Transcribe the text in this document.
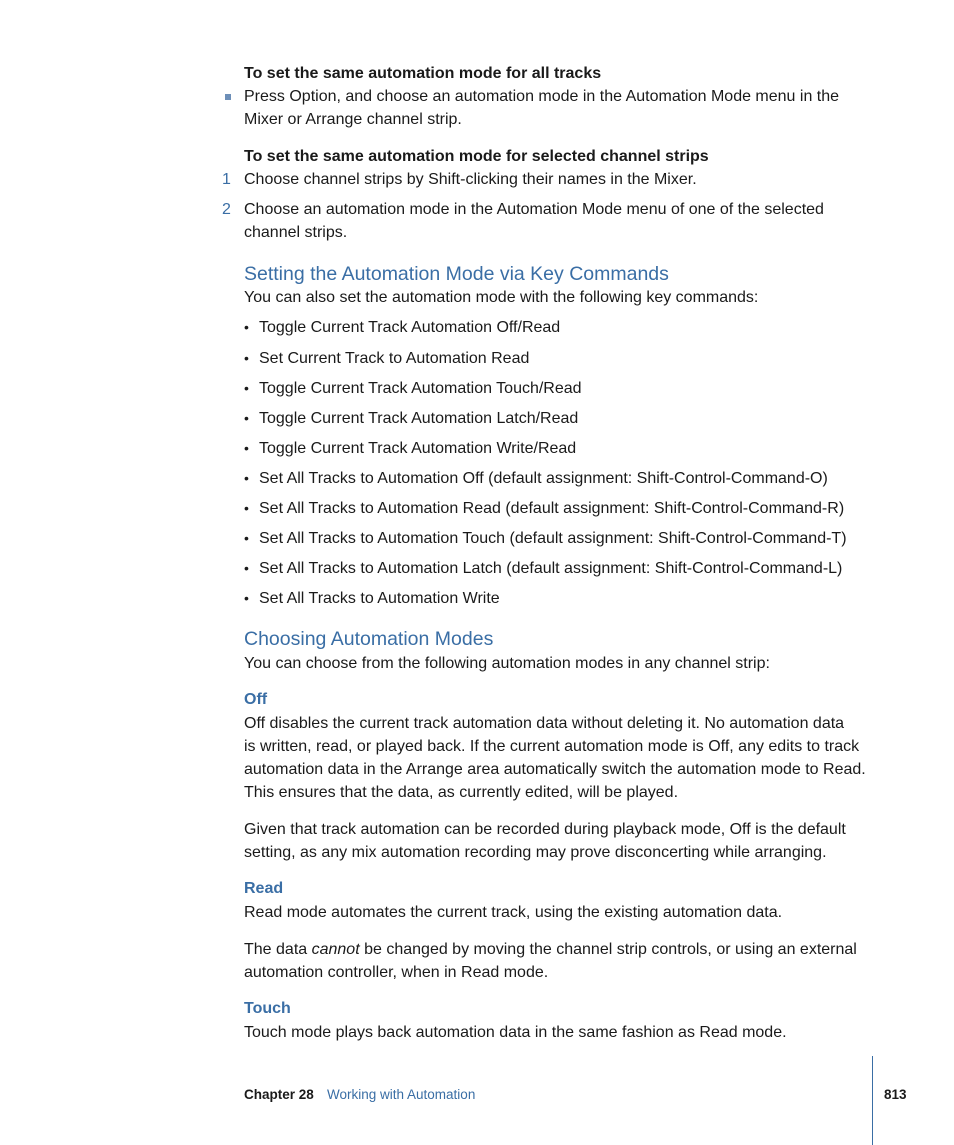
To set the same automation mode for all tracks
Press Option, and choose an automation mode in the Automation Mode menu in the
Mixer or Arrange channel strip.
To set the same automation mode for selected channel strips
1 Choose channel strips by Shift-clicking their names in the Mixer.
2 Choose an automation mode in the Automation Mode menu of one of the selected
channel strips.
Setting the Automation Mode via Key Commands
You can also set the automation mode with the following key commands:
• Toggle Current Track Automation Off/Read
• Set Current Track to Automation Read
• Toggle Current Track Automation Touch/Read
• Toggle Current Track Automation Latch/Read
• Toggle Current Track Automation Write/Read
• Set All Tracks to Automation Off (default assignment: Shift-Control-Command-O)
• Set All Tracks to Automation Read (default assignment: Shift-Control-Command-R)
• Set All Tracks to Automation Touch (default assignment: Shift-Control-Command-T)
• Set All Tracks to Automation Latch (default assignment: Shift-Control-Command-L)
• Set All Tracks to Automation Write
Choosing Automation Modes
You can choose from the following automation modes in any channel strip:
Off
Off disables the current track automation data without deleting it. No automation data
is written, read, or played back. If the current automation mode is Off, any edits to track
automation data in the Arrange area automatically switch the automation mode to Read.
This ensures that the data, as currently edited, will be played.
Given that track automation can be recorded during playback mode, Off is the default
setting, as any mix automation recording may prove disconcerting while arranging.
Read
Read mode automates the current track, using the existing automation data.
The data cannot be changed by moving the channel strip controls, or using an external
automation controller, when in Read mode.
Touch
Touch mode plays back automation data in the same fashion as Read mode.
Chapter 28 Working with Automation	813
